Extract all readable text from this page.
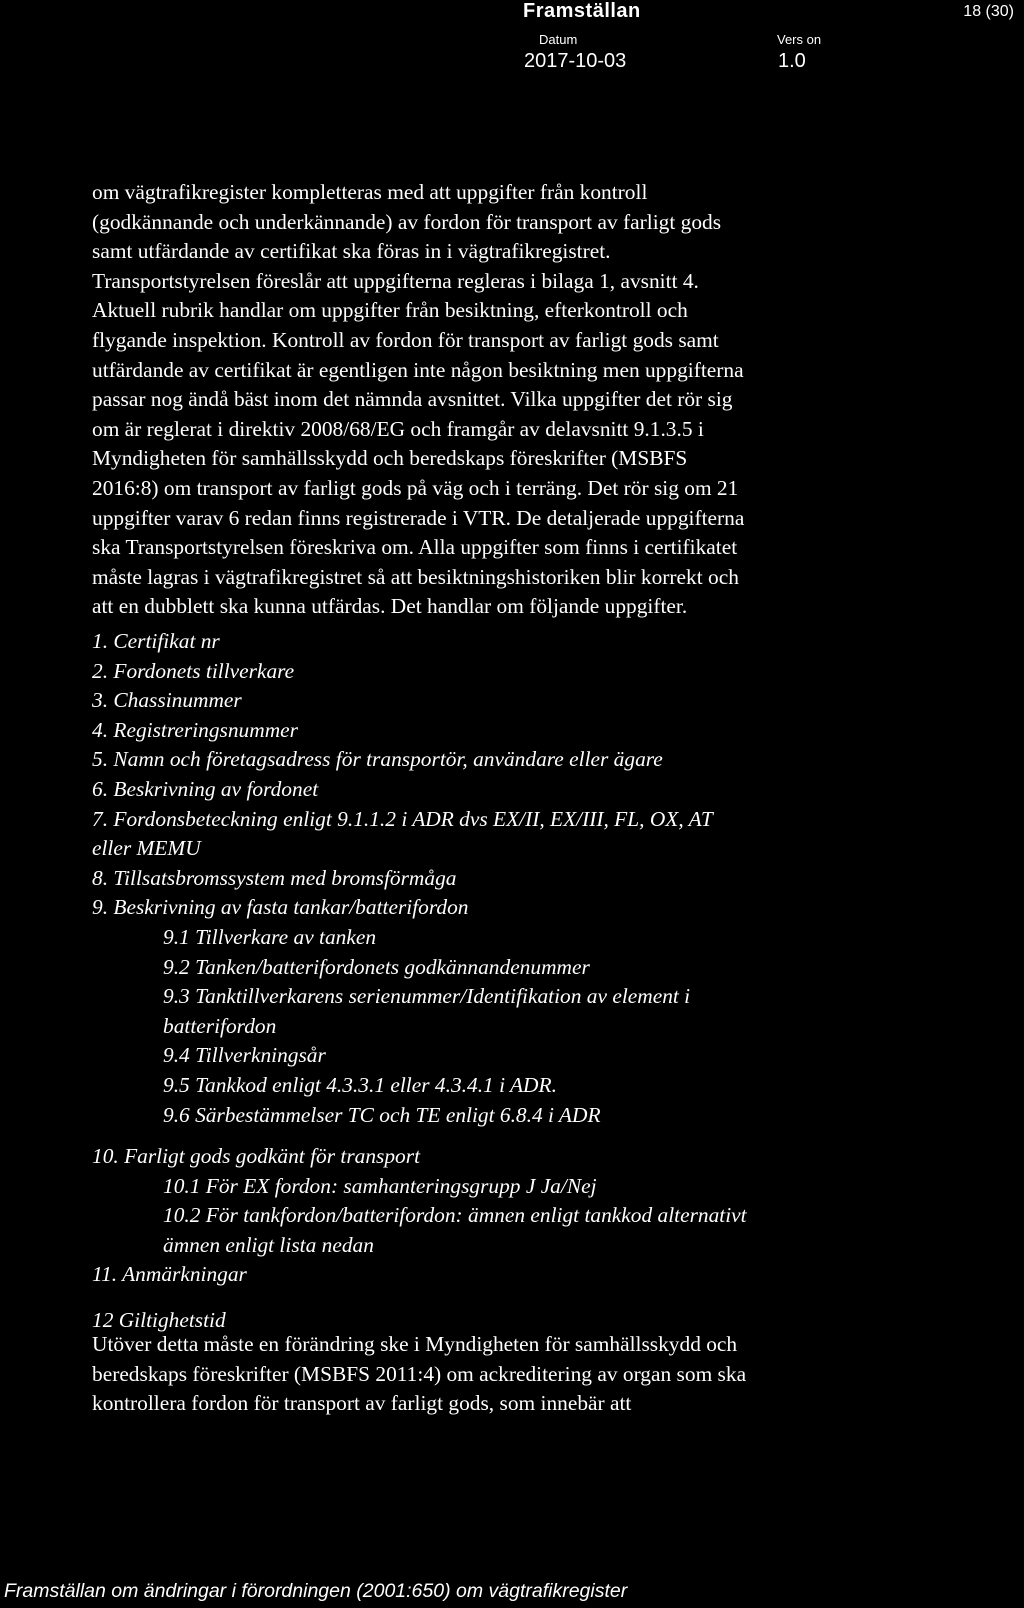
Framställan	18 (30)
Datum
2017-10-03
Vers on
1.0
om vägtrafikregister kompletteras med att uppgifter från kontroll
(godkännande och underkännande) av fordon för transport av farligt gods
samt utfärdande av certifikat ska föras in i vägtrafikregistret.
Transportstyrelsen föreslår att uppgifterna regleras i bilaga 1, avsnitt 4.
Aktuell rubrik handlar om uppgifter från besiktning, efterkontroll och
flygande inspektion. Kontroll av fordon för transport av farligt gods samt
utfärdande av certifikat är egentligen inte någon besiktning men uppgifterna
passar nog ändå bäst inom det nämnda avsnittet. Vilka uppgifter det rör sig
om är reglerat i direktiv 2008/68/EG och framgår av delavsnitt 9.1.3.5 i
Myndigheten för samhällsskydd och beredskaps föreskrifter (MSBFS
2016:8) om transport av farligt gods på väg och i terräng. Det rör sig om 21
uppgifter varav 6 redan finns registrerade i VTR. De detaljerade uppgifterna
ska Transportstyrelsen föreskriva om. Alla uppgifter som finns i certifikatet
måste lagras i vägtrafikregistret så att besiktningshistoriken blir korrekt och
att en dubblett ska kunna utfärdas. Det handlar om följande uppgifter.
1. Certifikat nr
2. Fordonets tillverkare
3. Chassinummer
4. Registreringsnummer
5. Namn och företagsadress för transportör, användare eller ägare
6. Beskrivning av fordonet
7. Fordonsbeteckning enligt 9.1.1.2 i ADR dvs EX/II, EX/III, FL, OX, AT
eller MEMU
8. Tillsatsbromssystem med bromsförmåga
9. Beskrivning av fasta tankar/batterifordon
9.1 Tillverkare av tanken
9.2 Tanken/batterifordonets godkännandenummer
9.3 Tanktillverkarens serienummer/Identifikation av element i
batterifordon
9.4 Tillverkningsår
9.5 Tankkod enligt 4.3.3.1 eller 4.3.4.1 i ADR.
9.6 Särbestämmelser TC och TE enligt 6.8.4 i ADR
10. Farligt gods godkänt för transport
10.1 För EX fordon: samhanteringsgrupp J Ja/Nej
10.2 För tankfordon/batterifordon: ämnen enligt tankkod alternativt
ämnen enligt lista nedan
11. Anmärkningar
12 Giltighetstid
Utöver detta måste en förändring ske i Myndigheten för samhällsskydd och
beredskaps föreskrifter (MSBFS 2011:4) om ackreditering av organ som ska
kontrollera fordon för transport av farligt gods, som innebär att
Framställan om ändringar i förordningen (2001:650) om vägtrafikregister
